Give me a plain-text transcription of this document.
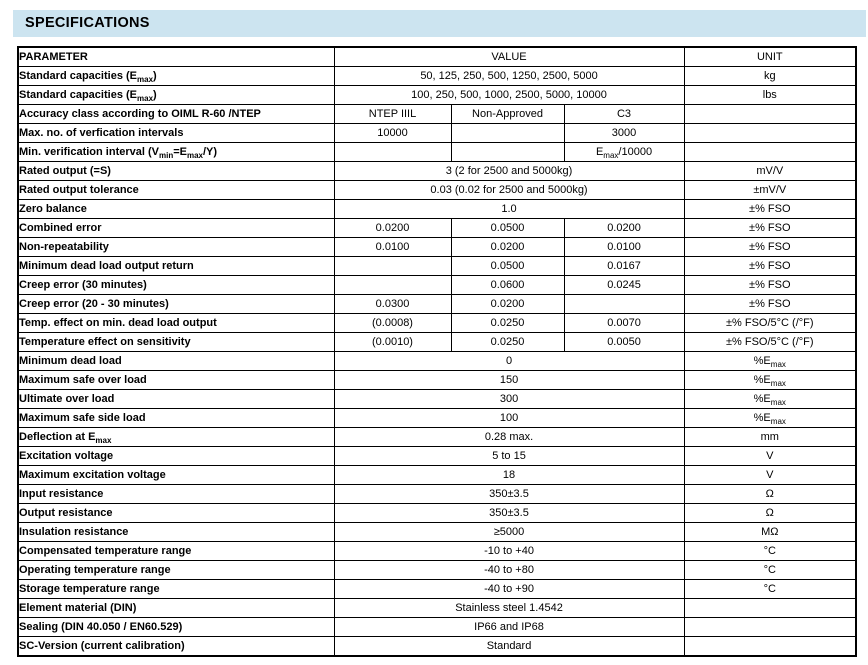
SPECIFICATIONS
PARAMETER	VALUE			UNIT
Standard capacities $(E_{max})$	50, 125, 250, 500, 1250, 2500, 5000			kg
Standard capacities $(E_{max})$	100, 250, 500, 1000, 2500, 5000, 10000			lbs
Accuracy class according to OIML R-60 /NTEP	NTEP IIIL	Non-Approved	C3	
Max. no. of verfication intervals	10000		3000	
Min. verification interval $(V_{min}=E_{max}/Y)$			$E_{max}/10000$	
Rated output (=S)	3 (2 for 2500 and 5000kg)			mV/V
Rated output tolerance	0.03 (0.02 for 2500 and 5000kg)			±mV/V
Zero balance	1.0			±% FSO
Combined error	0.0200	0.0500	0.0200	±% FSO
Non-repeatability	0.0100	0.0200	0.0100	±% FSO
Minimum dead load output return		0.0500	0.0167	±% FSO
Creep error (30 minutes)		0.0600	0.0245	±% FSO
Creep error (20 - 30 minutes)	0.0300	0.0200		±% FSO
Temp. effect on min. dead load output	(0.0008)	0.0250	0.0070	±% FSO/5°C (/°F)
Temperature effect on sensitivity	(0.0010)	0.0250	0.0050	±% FSO/5°C (/°F)
Minimum dead load	0			$\%E_{max}$
Maximum safe over load	150			$\%E_{max}$
Ultimate over load	300			$\%E_{max}$
Maximum safe side load	100			$\%E_{max}$
Deflection at $E_{max}$	0.28 max.			mm
Excitation voltage	5 to 15			V
Maximum excitation voltage	18			V
Input resistance	350±3.5			Ω
Output resistance	350±3.5			Ω
Insulation resistance	≥5000			MΩ
Compensated temperature range	-10 to +40			°C
Operating temperature range	-40 to +80			°C
Storage temperature range	-40 to +90			°C
Element material (DIN)	Stainless steel 1.4542			
Sealing (DIN 40.050 / EN60.529)	IP66 and IP68			
SC-Version (current calibration)	Standard			
